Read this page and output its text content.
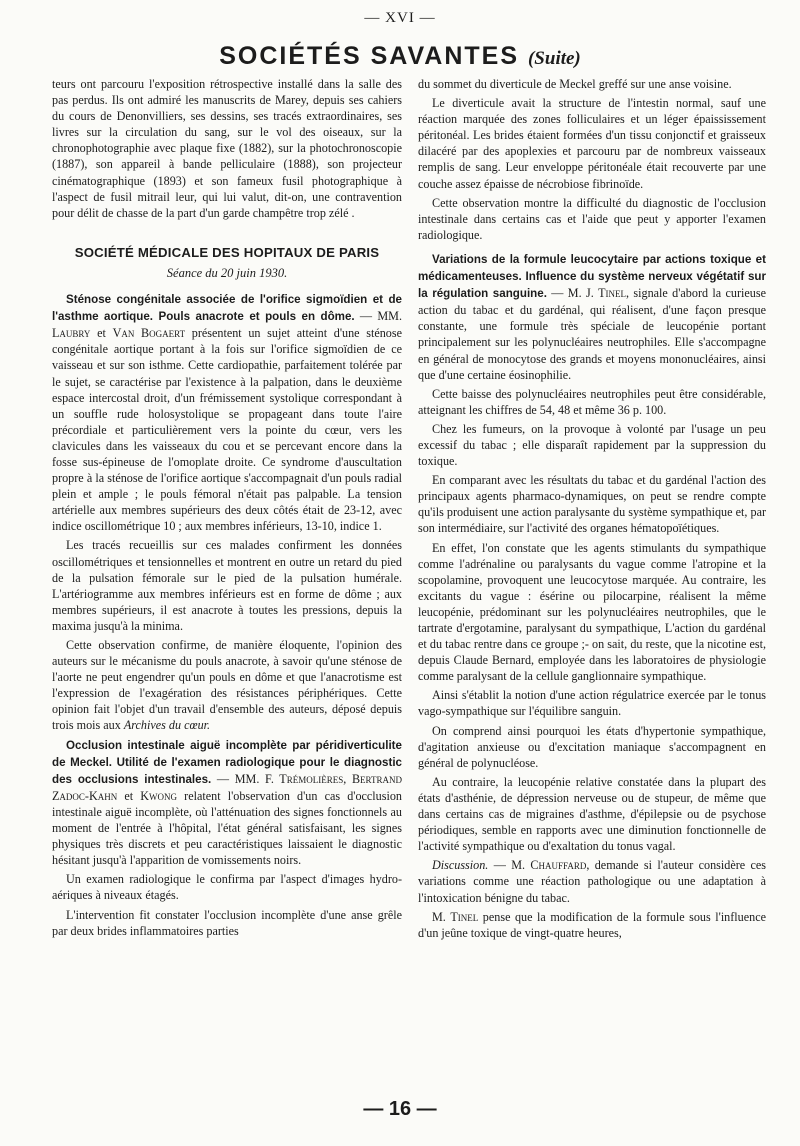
— XVI —
SOCIÉTÉS SAVANTES (Suite)

teurs ont parcouru l'exposition rétrospective installé dans la salle des pas perdus. Ils ont admiré les manuscrits de Marey, depuis ses cahiers du cours de Denonvilliers, ses dessins, ses tracés extraordinaires, ses livres sur la circulation du sang, sur le vol des oiseaux, sur la chronophotographie avec plaque fixe (1882), sur la photochronoscopie (1887), son appareil à bande pelliculaire (1888), son projecteur cinématographique (1893) et son fameux fusil photographique à l'aspect de fusil mitrail leur, qui lui valut, dit-on, une contravention pour délit de chasse de la part d'un garde champêtre trop zélé .

SOCIÉTÉ MÉDICALE DES HOPITAUX DE PARIS
Séance du 20 juin 1930.

Sténose congénitale associée de l'orifice sigmoïdien et de l'asthme aortique. Pouls anacrote et pouls en dôme. — MM. Laubry et Van Bogaert présentent un sujet atteint d'une sténose congénitale aortique portant à la fois sur l'orifice sigmoïdien de ce vaisseau et sur son isthme. Cette cardiopathie, parfaitement tolérée par le sujet, se caractérise par l'existence à la palpation, dans le deuxième espace intercostal droit, d'un frémissement systolique correspondant à un souffle rude holosystolique se propageant dans toute l'aire précordiale et particulièrement vers la pointe du cœur, vers les clavicules dans les vaisseaux du cou et se percevant encore dans la fosse sus-épineuse de l'omoplate droite. Ce syndrome d'auscultation propre à la sténose de l'orifice aortique s'accompagnait d'un pouls radial plein et ample ; le pouls fémoral n'était pas palpable. La tension artérielle aux membres supérieurs des deux côtés était de 23-12, avec indice oscillométrique 10 ; aux membres inférieurs, 13-10, indice 1.

Les tracés recueillis sur ces malades confirment les données oscillométriques et tensionnelles et montrent en outre un retard du pied de la pulsation fémorale sur le pied de la pulsation humérale. L'artériogramme aux membres inférieurs est en forme de dôme ; aux membres supérieurs, il est anacrote à toutes les pressions, depuis la maxima jusqu'à la minima.

Cette observation confirme, de manière éloquente, l'opinion des auteurs sur le mécanisme du pouls anacrote, à savoir qu'une sténose de l'aorte ne peut engendrer qu'un pouls en dôme et que l'anacrotisme est l'expression de l'exagération des résistances périphériques. Cette opinion fait l'objet d'un travail d'ensemble des auteurs, déposé depuis trois mois aux Archives du cœur.

Occlusion intestinale aiguë incomplète par péridiverticulite de Meckel. Utilité de l'examen radiologique pour le diagnostic des occlusions intestinales. — MM. F. Trémolières, Bertrand Zadoc-Kahn et Kwong relatent l'observation d'un cas d'occlusion intestinale aiguë incomplète, où l'atténuation des signes fonctionnels au moment de l'entrée à l'hôpital, l'état général satisfaisant, les signes physiques très discrets et peu caractéristiques laissaient le diagnostic hésitant jusqu'à l'apparition de vomissements noirs.

Un examen radiologique le confirma par l'aspect d'images hydro-aériques à niveaux étagés.

L'intervention fit constater l'occlusion incomplète d'une anse grêle par deux brides inflammatoires parties

du sommet du diverticule de Meckel greffé sur une anse voisine.

Le diverticule avait la structure de l'intestin normal, sauf une réaction marquée des zones folliculaires et un léger épaississement péritonéal. Les brides étaient formées d'un tissu conjonctif et graisseux dilacéré par des apoplexies et parcouru par de nombreux vaisseaux remplis de sang. Leur enveloppe péritonéale était recouverte par une couche assez épaisse de nécrobiose fibrinoïde.

Cette observation montre la difficulté du diagnostic de l'occlusion intestinale dans certains cas et l'aide que peut y apporter l'examen radiologique.

Variations de la formule leucocytaire par actions toxique et médicamenteuses. Influence du système nerveux végétatif sur la régulation sanguine. — M. J. Tinel, signale d'abord la curieuse action du tabac et du gardénal, qui réalisent, d'une façon presque constante, une formule très spéciale de leucopénie portant principalement sur les polynucléaires neutrophiles. Elle s'accompagne en général de monocytose des grands et moyens mononucléaires, ainsi que d'une certaine éosinophilie.

Cette baisse des polynucléaires neutrophiles peut être considérable, atteignant les chiffres de 54, 48 et même 36 p. 100.

Chez les fumeurs, on la provoque à volonté par l'usage un peu excessif du tabac ; elle disparaît rapidement par la suppression du toxique.

En comparant avec les résultats du tabac et du gardénal l'action des principaux agents pharmaco-dynamiques, on peut se rendre compte qu'ils produisent une action paralysante du système sympathique et, par son intermédiaire, sur l'activité des organes hématopoïétiques.

En effet, l'on constate que les agents stimulants du sympathique comme l'adrénaline ou paralysants du vague comme l'atropine et la scopolamine, provoquent une leucocytose marquée. Au contraire, les excitants du vague : ésérine ou pilocarpine, réalisent la même leucopénie, prédominant sur les polynucléaires neutrophiles, que le tartrate d'ergotamine, paralysant du sympathique, L'action du gardénal et du tabac rentre dans ce groupe ;- on sait, du reste, que la nicotine est, depuis Claude Bernard, employée dans les laboratoires de physiologie comme paralysant de la cellule ganglionnaire sympathique.

Ainsi s'établit la notion d'une action régulatrice exercée par le tonus vago-sympathique sur l'équilibre sanguin.

On comprend ainsi pourquoi les états d'hypertonie sympathique, d'agitation anxieuse ou d'excitation maniaque s'accompagnent en général de polynucléose.

Au contraire, la leucopénie relative constatée dans la plupart des états d'asthénie, de dépression nerveuse ou de stupeur, de même que dans certains cas de migraines d'asthme, d'épilepsie ou de psychose périodiques, semble en rapports avec une diminution fonctionnelle de l'activité sympathique ou d'exaltation du tonus vagal.

Discussion. — M. Chauffard, demande si l'auteur considère ces variations comme une réaction pathologique ou une adaptation à l'intoxication bénigne du tabac.

M. Tinel pense que la modification de la formule sous l'influence d'un jeûne toxique de vingt-quatre heures,

— 16 —
